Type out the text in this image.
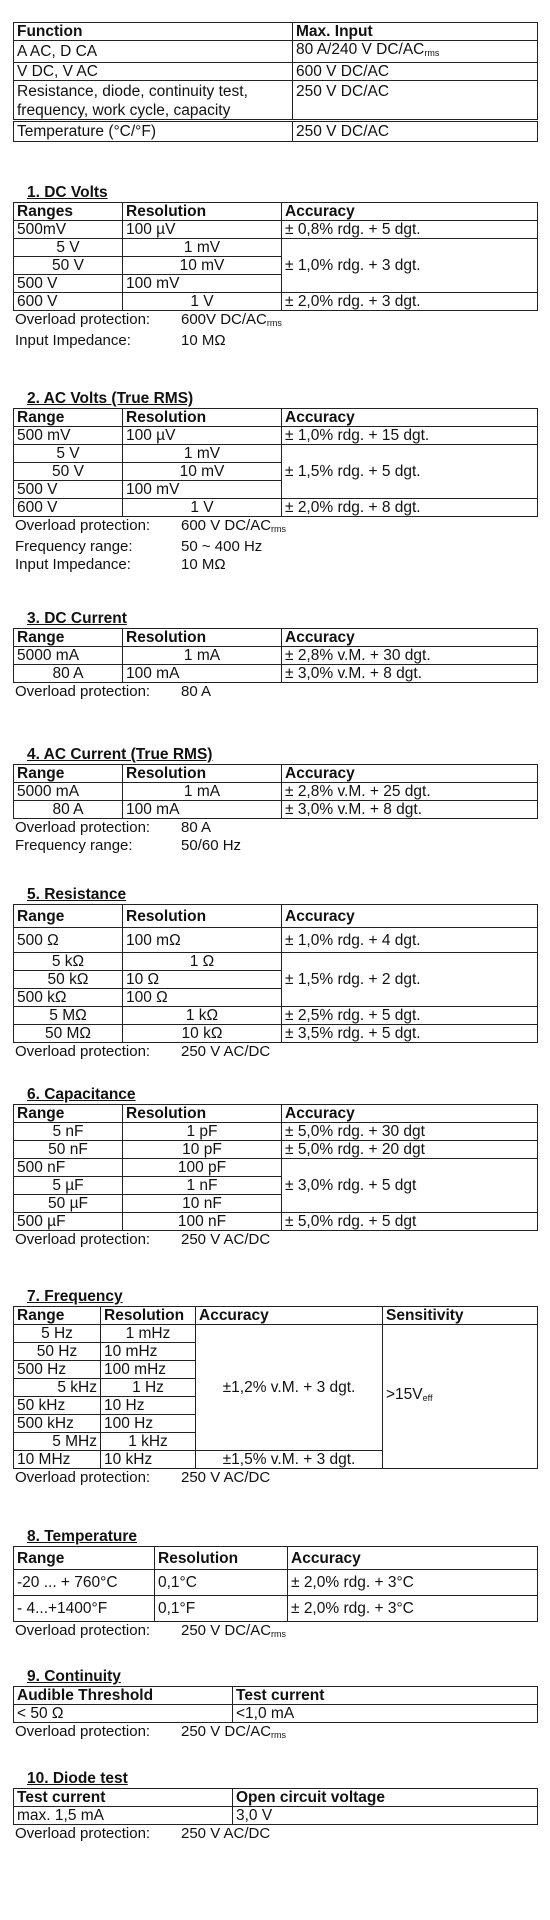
Function	Max. Input
A AC, D CA	80 A/240 V $DC/AC_{rms}$
V DC, V AC	600 V DC/AC

Resistance, diode, continuity test,
frequency, work cycle, capacity	250 V DC/AC
Temperature (°C/°F)	250 V DC/AC
1. DC Volts
Ranges	Resolution	Accuracy
500mV	100 µV	± 0,8% rdg. + 5 dgt.
5 V	1 mV	± 1,0% rdg. + 3 dgt.
50 V	10 mV	
500 V	100 mV	
600 V	1 V	± 2,0% rdg. + 3 dgt.
Overload protection: 600V $DC/AC_{rms}$
Input Impedance:	10 MΩ
2. AC Volts (True RMS)
Range	Resolution	Accuracy
500 mV	100 µV	± 1,0% rdg. + 15 dgt.
5 V	1 mV	± 1,5% rdg. + 5 dgt.
50 V	10 mV	
500 V	100 mV	
600 V	1 V	± 2,0% rdg. + 8 dgt.
Overload protection: 600 V $DC/AC_{rms}$
Frequency range:	50 ~ 400 Hz
Input Impedance:	10 MΩ
3. DC Current
Range	Resolution	Accuracy
5000 mA	1 mA	± 2,8% v.M. + 30 dgt.
80 A	100 mA	± 3,0% v.M. + 8 dgt.
Overload protection: 80 A
4. AC Current (True RMS)
Range	Resolution	Accuracy
5000 mA	1 mA	± 2,8% v.M. + 25 dgt.
80 A	100 mA	± 3,0% v.M. + 8 dgt.
Overload protection: 80 A
Frequency range:	50/60 Hz
5. Resistance
Range	Resolution	Accuracy
500 Ω	100 mΩ	± 1,0% rdg. + 4 dgt.
5 kΩ	1 Ω	± 1,5% rdg. + 2 dgt.
50 kΩ	10 Ω	
500 kΩ	100 Ω	
5 MΩ	1 kΩ	± 2,5% rdg. + 5 dgt.
50 MΩ	10 kΩ	± 3,5% rdg. + 5 dgt.
Overload protection: 250 V AC/DC
6. Capacitance
Range	Resolution	Accuracy
5 nF	1 pF	± 5,0% rdg. + 30 dgt
50 nF	10 pF	± 5,0% rdg. + 20 dgt
500 nF	100 pF	± 3,0% rdg. + 5 dgt
5 µF	1 nF	
50 µF	10 nF	
500 µF	100 nF	± 5,0% rdg. + 5 dgt
Overload protection: 250 V AC/DC
7. Frequency
Range	Resolution	Accuracy	Sensitivity
5 Hz	1 mHz	±1,2% v.M. + 3 dgt.	$>15V_{eff}$
50 Hz	10 mHz		
500 Hz	100 mHz		
5 kHz	1 Hz		
50 kHz	10 Hz		
500 kHz	100 Hz		
5 MHz	1 kHz		
10 MHz	10 kHz	±1,5% v.M. + 3 dgt.	
Overload protection: 250 V AC/DC
8. Temperature
Range	Resolution	Accuracy
-20 ... + 760°C	0,1°C	± 2,0% rdg. + 3°C
- 4...+1400°F	0,1°F	± 2,0% rdg. + 3°C
Overload protection: 250 V $DC/AC_{rms}$
9. Continuity
Audible Threshold	Test current
< 50 Ω	<1,0 mA
Overload protection: 250 V $DC/AC_{rms}$
10. Diode test
Test current	Open circuit voltage
max. 1,5 mA	3,0 V
Overload protection: 250 V AC/DC
